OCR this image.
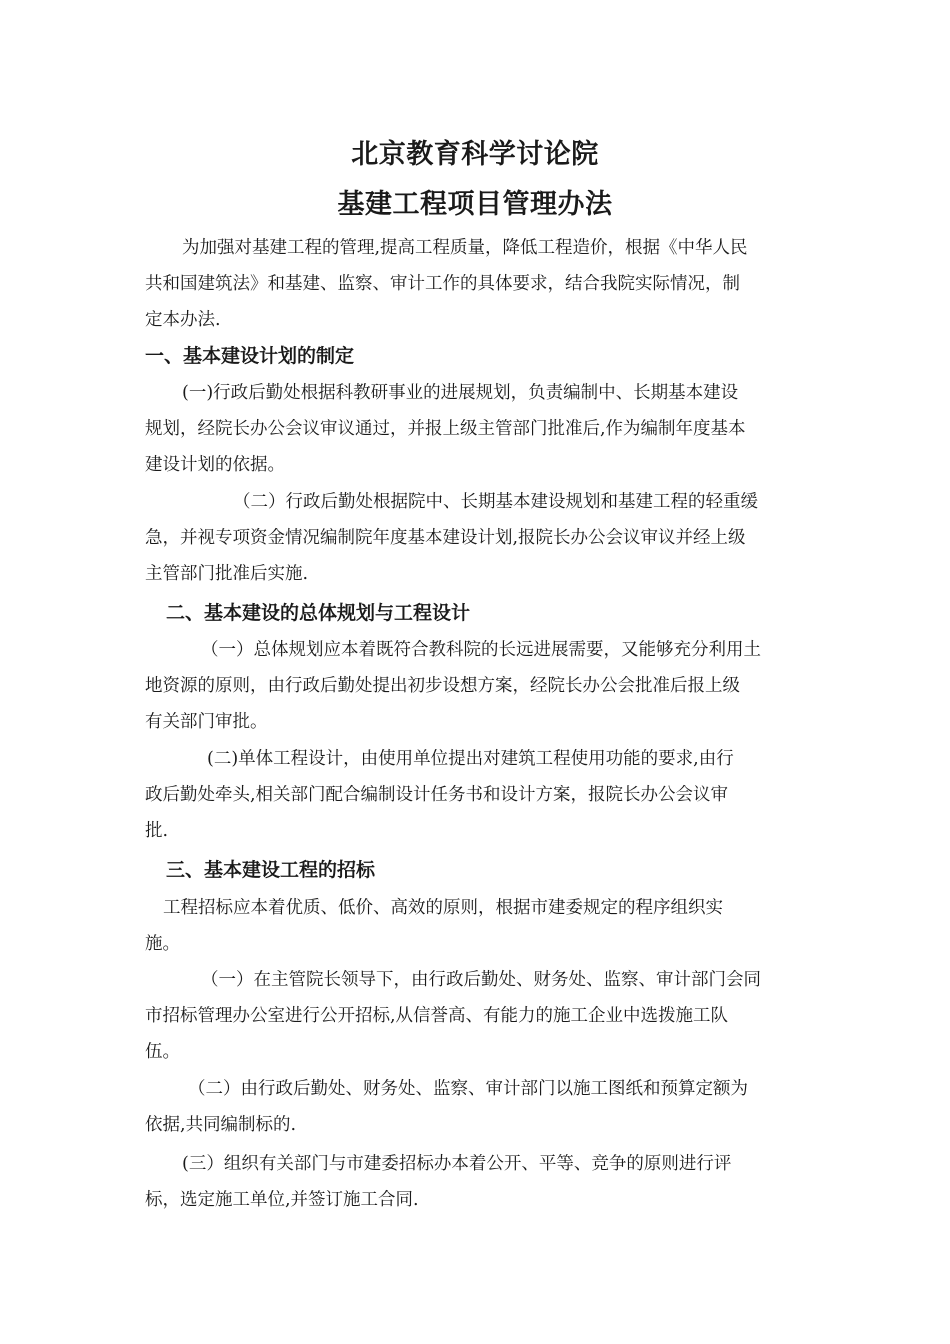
北京教育科学讨论院
基建工程项目管理办法
为加强对基建工程的管理,提高工程质量，降低工程造价，根据《中华人民
共和国建筑法》和基建、监察、审计工作的具体要求，结合我院实际情况，制
定本办法.
一、基本建设计划的制定
(一)行政后勤处根据科教研事业的进展规划，负责编制中、长期基本建设
规划，经院长办公会议审议通过，并报上级主管部门批准后,作为编制年度基本
建设计划的依据。
（二）行政后勤处根据院中、长期基本建设规划和基建工程的轻重缓
急，并视专项资金情况编制院年度基本建设计划,报院长办公会议审议并经上级
主管部门批准后实施.
二、基本建设的总体规划与工程设计
（一）总体规划应本着既符合教科院的长远进展需要，又能够充分利用土
地资源的原则，由行政后勤处提出初步设想方案，经院长办公会批准后报上级
有关部门审批。
(二)单体工程设计，由使用单位提出对建筑工程使用功能的要求,由行
政后勤处牵头,相关部门配合编制设计任务书和设计方案，报院长办公会议审
批.
三、基本建设工程的招标
工程招标应本着优质、低价、高效的原则，根据市建委规定的程序组织实
施。
（一）在主管院长领导下，由行政后勤处、财务处、监察、审计部门会同
市招标管理办公室进行公开招标,从信誉高、有能力的施工企业中选拨施工队
伍。
（二）由行政后勤处、财务处、监察、审计部门以施工图纸和预算定额为
依据,共同编制标的.
(三）组织有关部门与市建委招标办本着公开、平等、竞争的原则进行评
标，选定施工单位,并签订施工合同.
